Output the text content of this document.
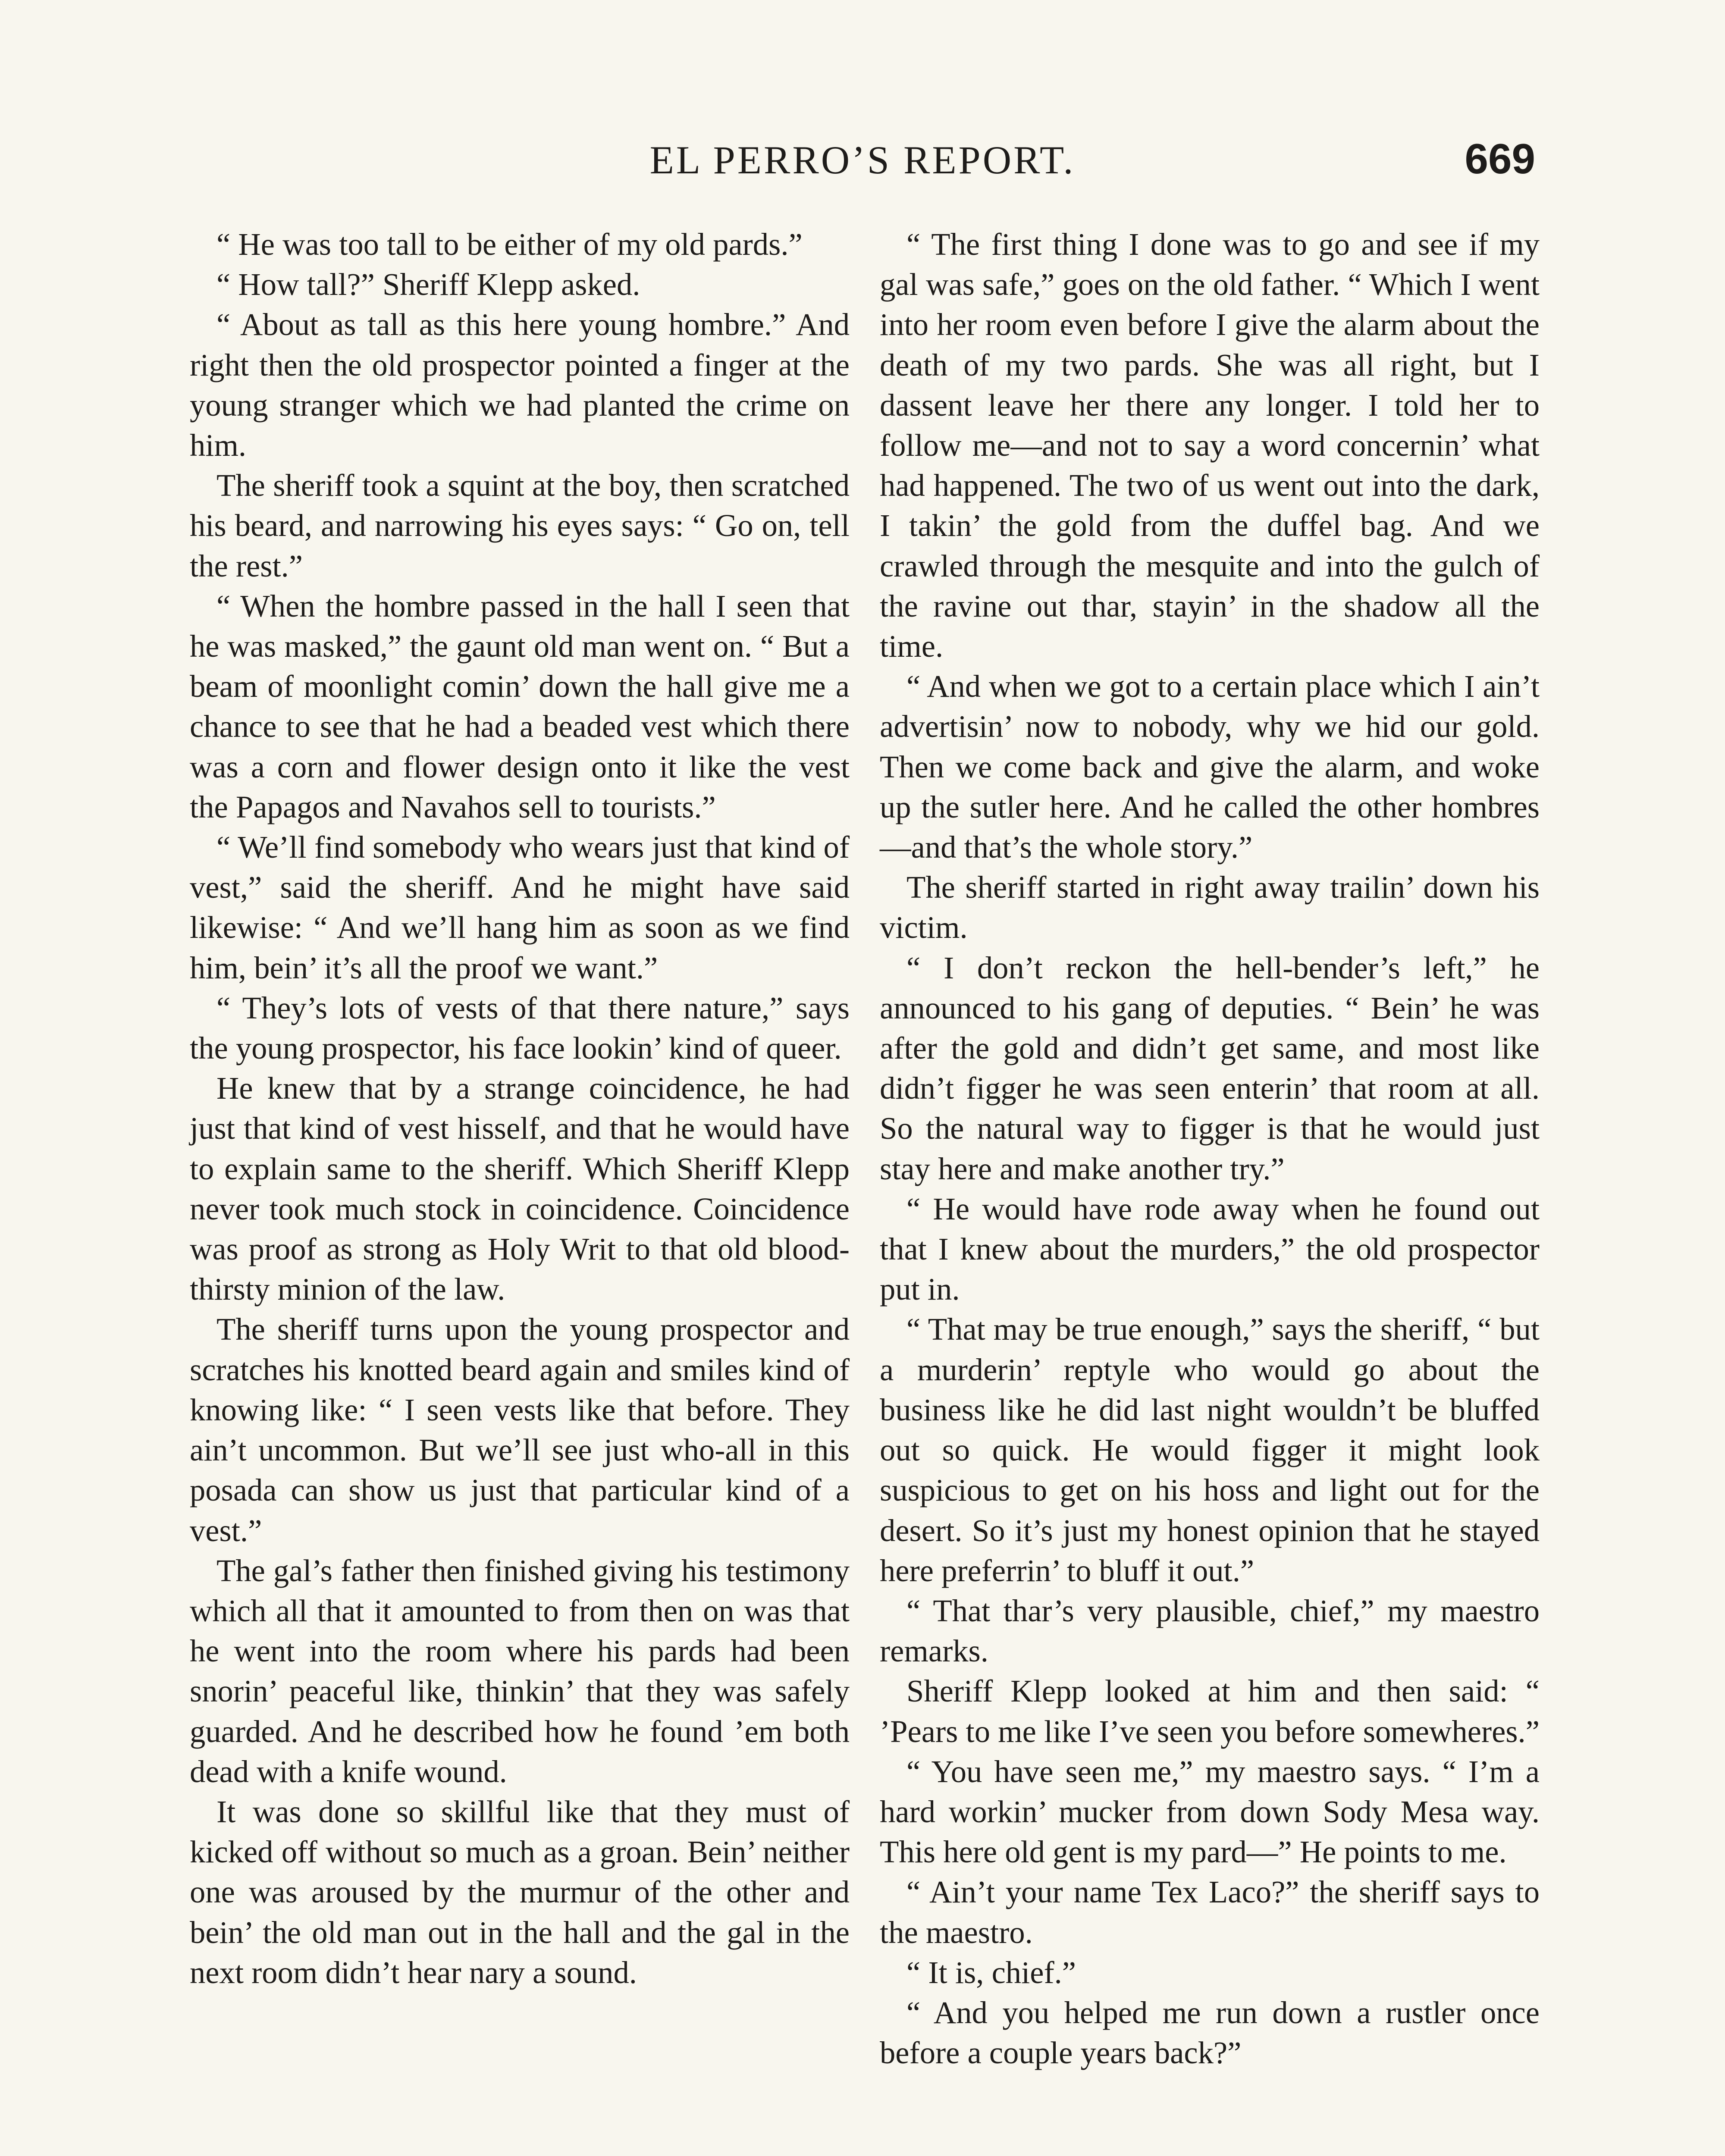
EL PERRO’S REPORT.	669

“ He was too tall to be either of my old pards.”

“ How tall?” Sheriff Klepp asked.

“ About as tall as this here young hombre.” And right then the old prospector pointed a finger at the young stranger which we had planted the crime on him.

The sheriff took a squint at the boy, then scratched his beard, and narrowing his eyes says: “ Go on, tell the rest.”

“ When the hombre passed in the hall I seen that he was masked,” the gaunt old man went on. “ But a beam of moonlight comin’ down the hall give me a chance to see that he had a beaded vest which there was a corn and flower design onto it like the vest the Papagos and Navahos sell to tourists.”

“ We’ll find somebody who wears just that kind of vest,” said the sheriff. And he might have said likewise: “ And we’ll hang him as soon as we find him, bein’ it’s all the proof we want.”

“ They’s lots of vests of that there nature,” says the young prospector, his face lookin’ kind of queer.

He knew that by a strange coincidence, he had just that kind of vest hisself, and that he would have to explain same to the sheriff. Which Sheriff Klepp never took much stock in coincidence. Coincidence was proof as strong as Holy Writ to that old blood-thirsty minion of the law.

The sheriff turns upon the young prospector and scratches his knotted beard again and smiles kind of knowing like: “ I seen vests like that before. They ain’t uncommon. But we’ll see just who-all in this posada can show us just that particular kind of a vest.”

The gal’s father then finished giving his testimony which all that it amounted to from then on was that he went into the room where his pards had been snorin’ peaceful like, thinkin’ that they was safely guarded. And he described how he found ’em both dead with a knife wound.

It was done so skillful like that they must of kicked off without so much as a groan. Bein’ neither one was aroused by the murmur of the other and bein’ the old man out in the hall and the gal in the next room didn’t hear nary a sound.

“ The first thing I done was to go and see if my gal was safe,” goes on the old father. “ Which I went into her room even before I give the alarm about the death of my two pards. She was all right, but I dassent leave her there any longer. I told her to follow me—and not to say a word concernin’ what had happened. The two of us went out into the dark, I takin’ the gold from the duffel bag. And we crawled through the mesquite and into the gulch of the ravine out thar, stayin’ in the shadow all the time.

“ And when we got to a certain place which I ain’t advertisin’ now to nobody, why we hid our gold. Then we come back and give the alarm, and woke up the sutler here. And he called the other hombres—and that’s the whole story.”

The sheriff started in right away trailin’ down his victim.

“ I don’t reckon the hell-bender’s left,” he announced to his gang of deputies. “ Bein’ he was after the gold and didn’t get same, and most like didn’t figger he was seen enterin’ that room at all. So the natural way to figger is that he would just stay here and make another try.”

“ He would have rode away when he found out that I knew about the murders,” the old prospector put in.

“ That may be true enough,” says the sheriff, “ but a murderin’ reptyle who would go about the business like he did last night wouldn’t be bluffed out so quick. He would figger it might look suspicious to get on his hoss and light out for the desert. So it’s just my honest opinion that he stayed here preferrin’ to bluff it out.”

“ That thar’s very plausible, chief,” my maestro remarks.

Sheriff Klepp looked at him and then said: “ ’Pears to me like I’ve seen you before somewheres.”

“ You have seen me,” my maestro says. “ I’m a hard workin’ mucker from down Sody Mesa way. This here old gent is my pard—” He points to me.

“ Ain’t your name Tex Laco?” the sheriff says to the maestro.

“ It is, chief.”

“ And you helped me run down a rustler once before a couple years back?”
